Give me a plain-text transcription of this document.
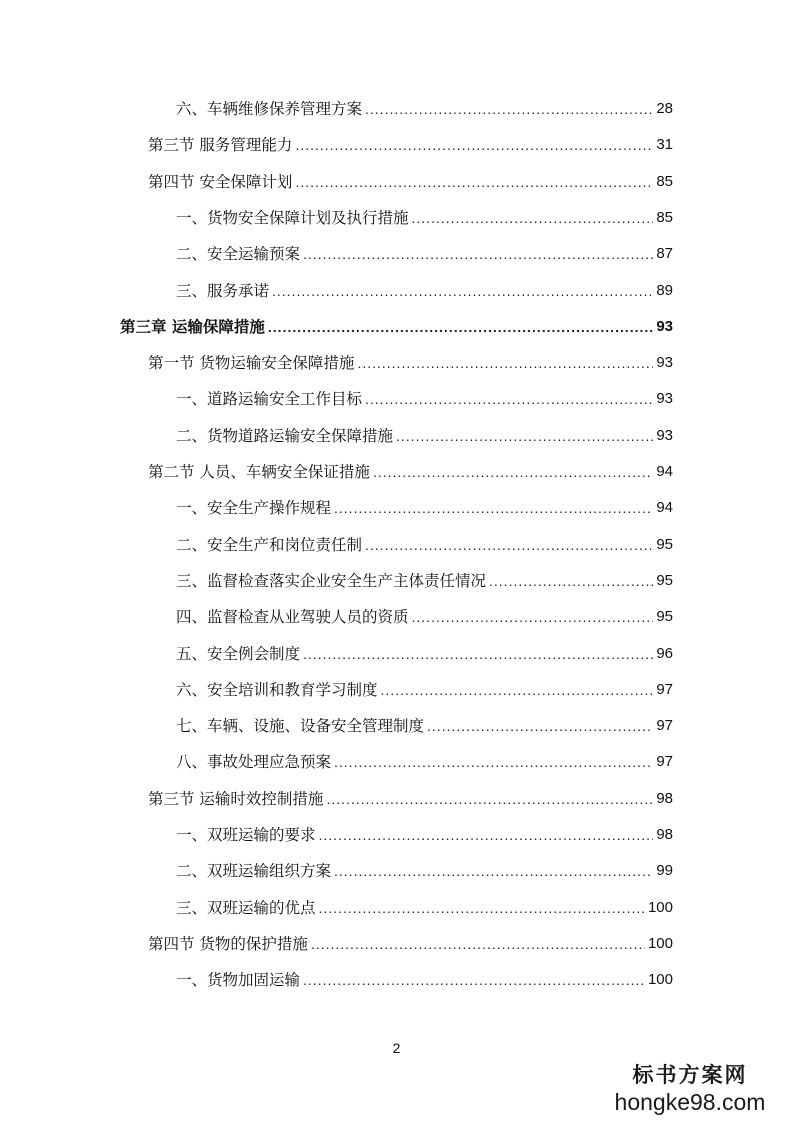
六、车辆维修保养管理方案 .....	28
第三节 服务管理能力 .....	31
第四节 安全保障计划 .....	85
一、货物安全保障计划及执行措施 .....	85
二、安全运输预案 .....	87
三、服务承诺 .....	89
第三章 运输保障措施 .....	93
第一节 货物运输安全保障措施 .....	93
一、道路运输安全工作目标 .....	93
二、货物道路运输安全保障措施 .....	93
第二节 人员、车辆安全保证措施 .....	94
一、安全生产操作规程 .....	94
二、安全生产和岗位责任制 .....	95
三、监督检查落实企业安全生产主体责任情况 .....	95
四、监督检查从业驾驶人员的资质 .....	95
五、安全例会制度 .....	96
六、安全培训和教育学习制度 .....	97
七、车辆、设施、设备安全管理制度 .....	97
八、事故处理应急预案 .....	97
第三节 运输时效控制措施 .....	98
一、双班运输的要求 .....	98
二、双班运输组织方案 .....	99
三、双班运输的优点 .....	100
第四节 货物的保护措施 .....	100
一、货物加固运输 .....	100
2
标书方案网
hongke98.com
